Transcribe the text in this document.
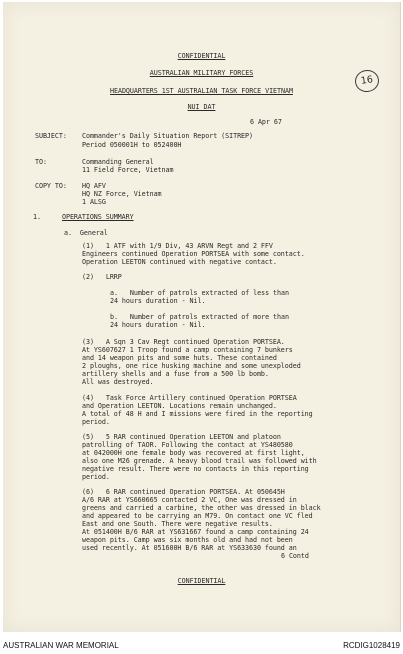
CONFIDENTIAL
AUSTRALIAN MILITARY FORCES
HEADQUARTERS 1ST AUSTRALIAN TASK FORCE VIETNAM
NUI DAT
16
6 Apr 67
SUBJECT: Commander's Daily Situation Report (SITREP)
Period 050001H to 052400H
TO:	Commanding General
11 Field Force, Vietnam
COPY TO: HQ AFV
HQ NZ Force, Vietnam
1 ALSG
1.	OPERATIONS SUMMARY
a.  General
(1)   1 ATF with 1/9 Div, 43 ARVN Regt and 2 FFV
Engineers continued Operation PORTSEA with some contact.
Operation LEETON continued with negative contact.
(2)   LRRP
a.   Number of patrols extracted of less than
24 hours duration - Nil.
b.   Number of patrols extracted of more than
24 hours duration - Nil.
(3)   A Sqn 3 Cav Regt continued Operation PORTSEA.
At YS607627 1 Troop found a camp containing 7 bunkers
and 14 weapon pits and some huts. These contained
2 ploughs, one rice husking machine and some unexploded
artillery shells and a fuse from a 500 lb bomb.
All was destroyed.
(4)   Task Force Artillery continued Operation PORTSEA
and Operation LEETON. Locations remain unchanged.
A total of 48 H and I missions were fired in the reporting
period.
(5)   5 RAR continued Operation LEETON and platoon
patrolling of TAOR. Following the contact at YS480580
at 042000H one female body was recovered at first light,
also one M26 grenade. A heavy blood trail was followed with
negative result. There were no contacts in this reporting
period.
(6)   6 RAR continued Operation PORTSEA. At 050645H
A/6 RAR at YS660665 contacted 2 VC, One was dressed in
greens and carried a carbine, the other was dressed in black
and appeared to be carrying an M79. On contact one VC fled
East and one South. There were negative results.
At 051400H B/6 RAR at YS631667 found a camp containing 24
weapon pits. Camp was six months old and had not been
used recently. At 051600H B/6 RAR at YS633630 found an
6 Contd
CONFIDENTIAL
AUSTRALIAN WAR MEMORIAL	RCDIG1028419
